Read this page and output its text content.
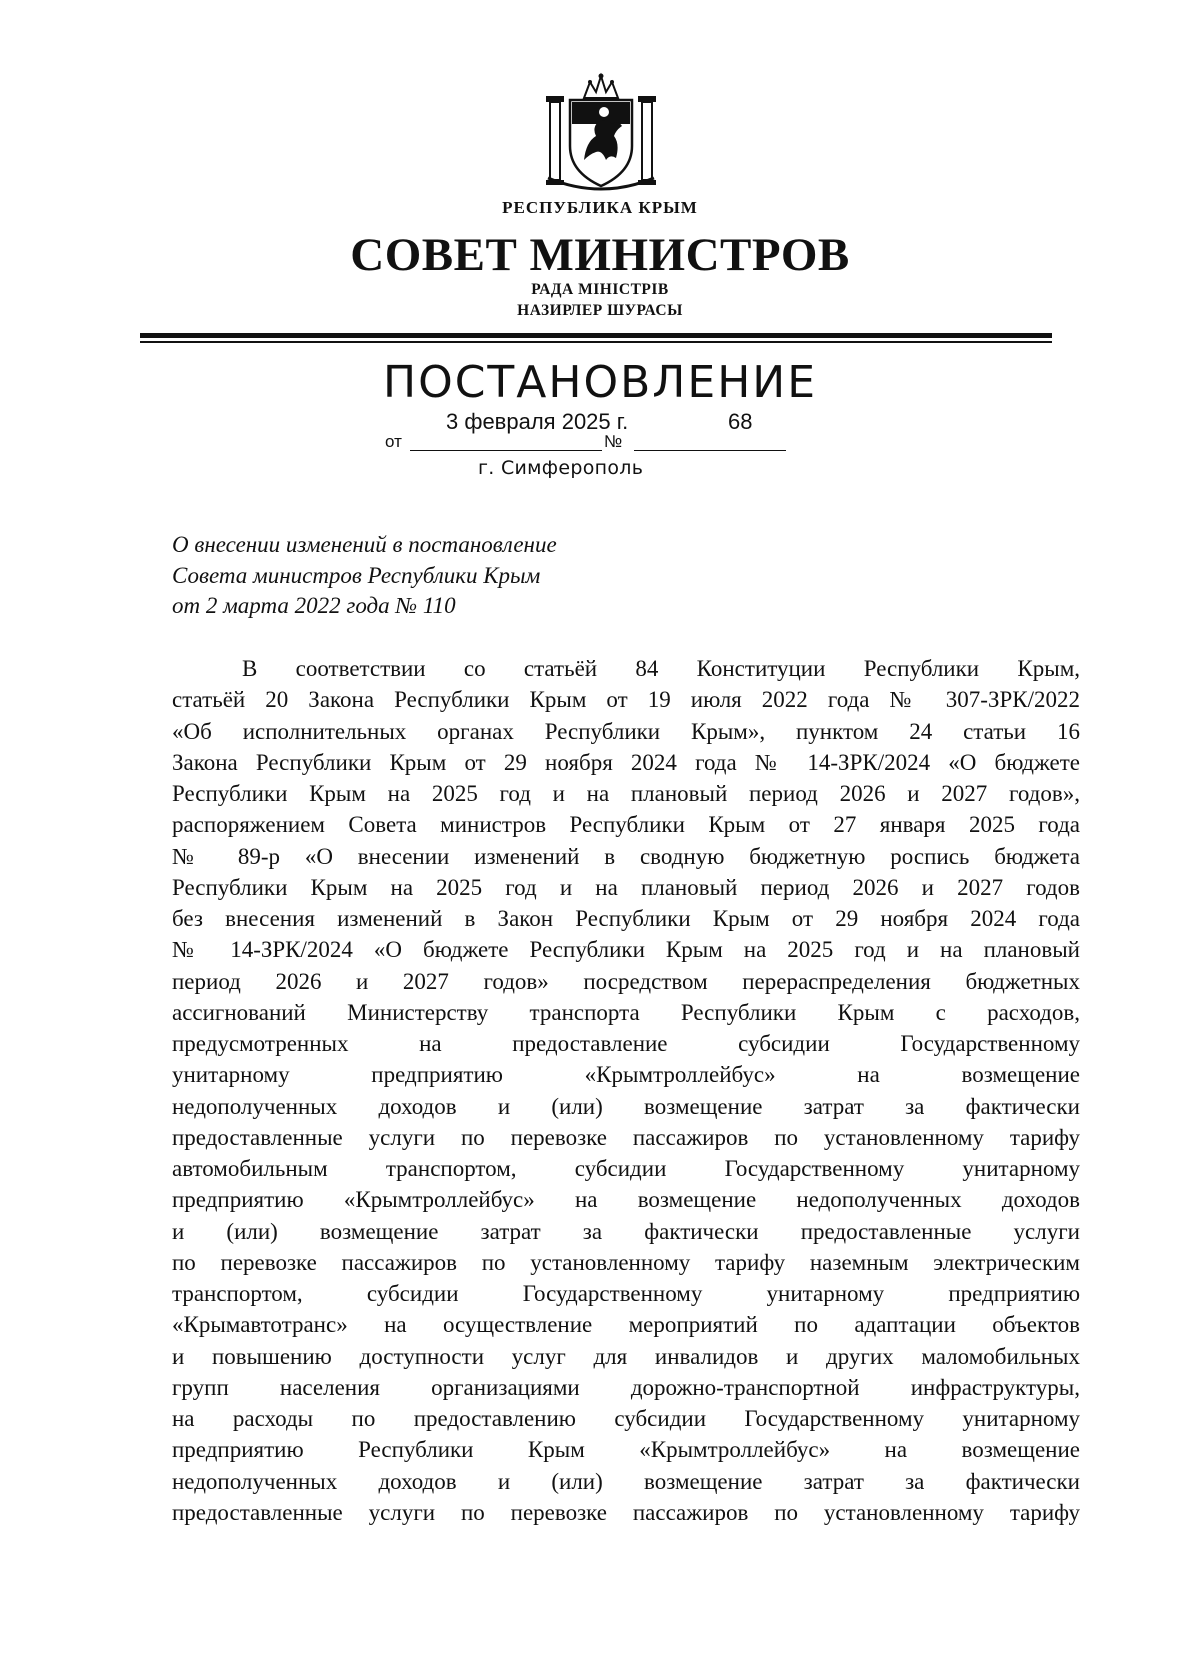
РЕСПУБЛИКА КРЫМ
СОВЕТ МИНИСТРОВ
РАДА МІНІСТРІВ
НАЗИРЛЕР ШУРАСЫ
ПОСТАНОВЛЕНИЕ
3 февраля 2025 г.	68
от	№
г. Симферополь
О внесении изменений в постановление
Совета министров Республики Крым
от 2 марта 2022 года № 110
В соответствии со статьёй 84 Конституции Республики Крым,
статьёй 20 Закона Республики Крым от 19 июля 2022 года № 307-ЗРК/2022
«Об исполнительных органах Республики Крым», пунктом 24 статьи 16
Закона Республики Крым от 29 ноября 2024 года № 14-ЗРК/2024 «О бюджете
Республики Крым на 2025 год и на плановый период 2026 и 2027 годов»,
распоряжением Совета министров Республики Крым от 27 января 2025 года
№ 89-р «О внесении изменений в сводную бюджетную роспись бюджета
Республики Крым на 2025 год и на плановый период 2026 и 2027 годов
без внесения изменений в Закон Республики Крым от 29 ноября 2024 года
№ 14-ЗРК/2024 «О бюджете Республики Крым на 2025 год и на плановый
период 2026 и 2027 годов» посредством перераспределения бюджетных
ассигнований Министерству транспорта Республики Крым с расходов,
предусмотренных на предоставление субсидии Государственному
унитарному предприятию «Крымтроллейбус» на возмещение
недополученных доходов и (или) возмещение затрат за фактически
предоставленные услуги по перевозке пассажиров по установленному тарифу
автомобильным транспортом, субсидии Государственному унитарному
предприятию «Крымтроллейбус» на возмещение недополученных доходов
и (или) возмещение затрат за фактически предоставленные услуги
по перевозке пассажиров по установленному тарифу наземным электрическим
транспортом, субсидии Государственному унитарному предприятию
«Крымавтотранс» на осуществление мероприятий по адаптации объектов
и повышению доступности услуг для инвалидов и других маломобильных
групп населения организациями дорожно-транспортной инфраструктуры,
на расходы по предоставлению субсидии Государственному унитарному
предприятию Республики Крым «Крымтроллейбус» на возмещение
недополученных доходов и (или) возмещение затрат за фактически
предоставленные услуги по перевозке пассажиров по установленному тарифу
